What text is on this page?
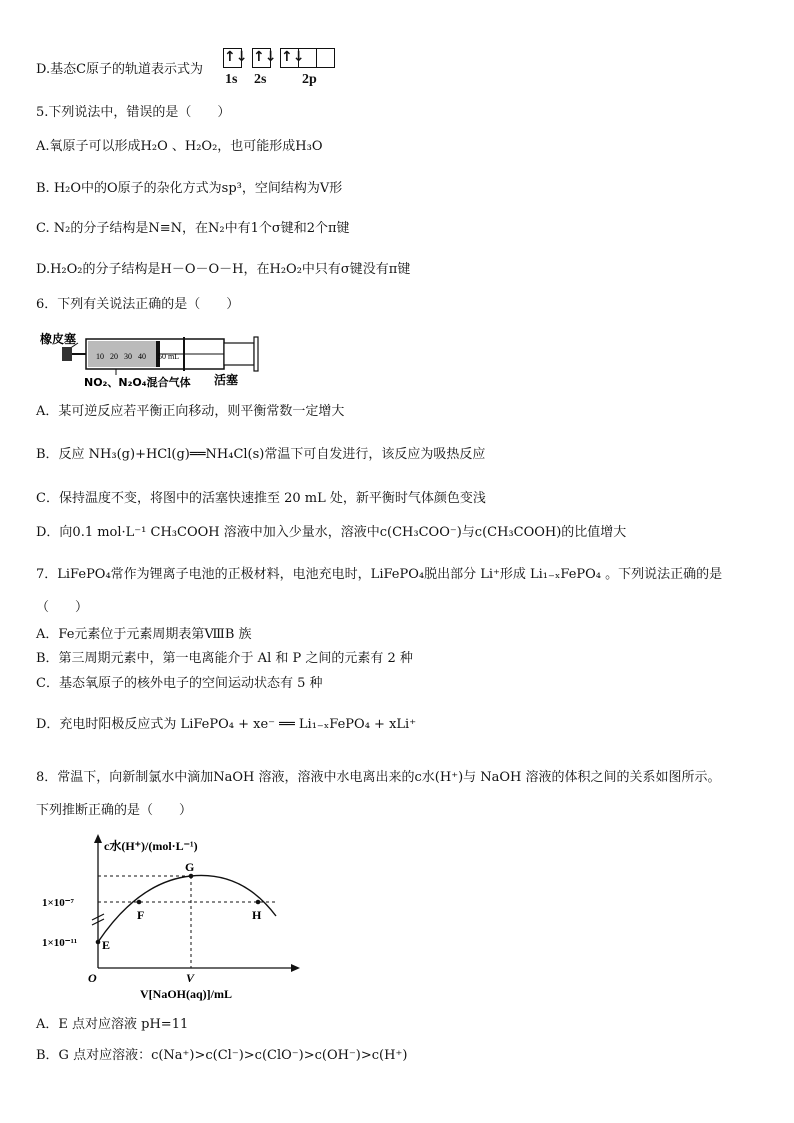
D.基态C原子的轨道表示式为
↑↓ ↑↓ ↑↓
1s 2s	2p
5.下列说法中，错误的是（　　）
A.氧原子可以形成H₂O 、H₂O₂，也可能形成H₃O
B. H₂O中的O原子的杂化方式为sp³，空间结构为V形
C. N₂的分子结构是N≡N，在N₂中有1个σ键和2个π键
D.H₂O₂的分子结构是H－O－O－H，在H₂O₂中只有σ键没有π键
6．下列有关说法正确的是（　　）
橡皮塞
10 20 30 40 50 mL
NO₂、N₂O₄混合气体 活塞
A．某可逆反应若平衡正向移动，则平衡常数一定增大
B．反应 NH₃(g)+HCl(g)══NH₄Cl(s)常温下可自发进行，该反应为吸热反应
C．保持温度不变，将图中的活塞快速推至 20 mL 处，新平衡时气体颜色变浅
D．向0.1 mol·L⁻¹ CH₃COOH 溶液中加入少量水，溶液中c(CH₃COO⁻)与c(CH₃COOH)的比值增大
7．LiFePO₄常作为锂离子电池的正极材料，电池充电时，LiFePO₄脱出部分 Li⁺形成 Li₁₋ₓFePO₄ 。下列说法正确的是
（　　）
A．Fe元素位于元素周期表第ⅧB 族
B．第三周期元素中，第一电离能介于 Al 和 P 之间的元素有 2 种
C．基态氧原子的核外电子的空间运动状态有 5 种
D．充电时阳极反应式为 LiFePO₄ + xe⁻ ══ Li₁₋ₓFePO₄ + xLi⁺
8．常温下，向新制氯水中滴加NaOH 溶液，溶液中水电离出来的c水(H⁺)与 NaOH 溶液的体积之间的关系如图所示。
下列推断正确的是（　　）
c水(H⁺)/(mol·L⁻¹)
1×10⁻⁷
1×10⁻¹¹ E
F
G
H
O	V
V[NaOH(aq)]/mL
A．E 点对应溶液 pH=11
B．G 点对应溶液：c(Na⁺)>c(Cl⁻)>c(ClO⁻)>c(OH⁻)>c(H⁺)
